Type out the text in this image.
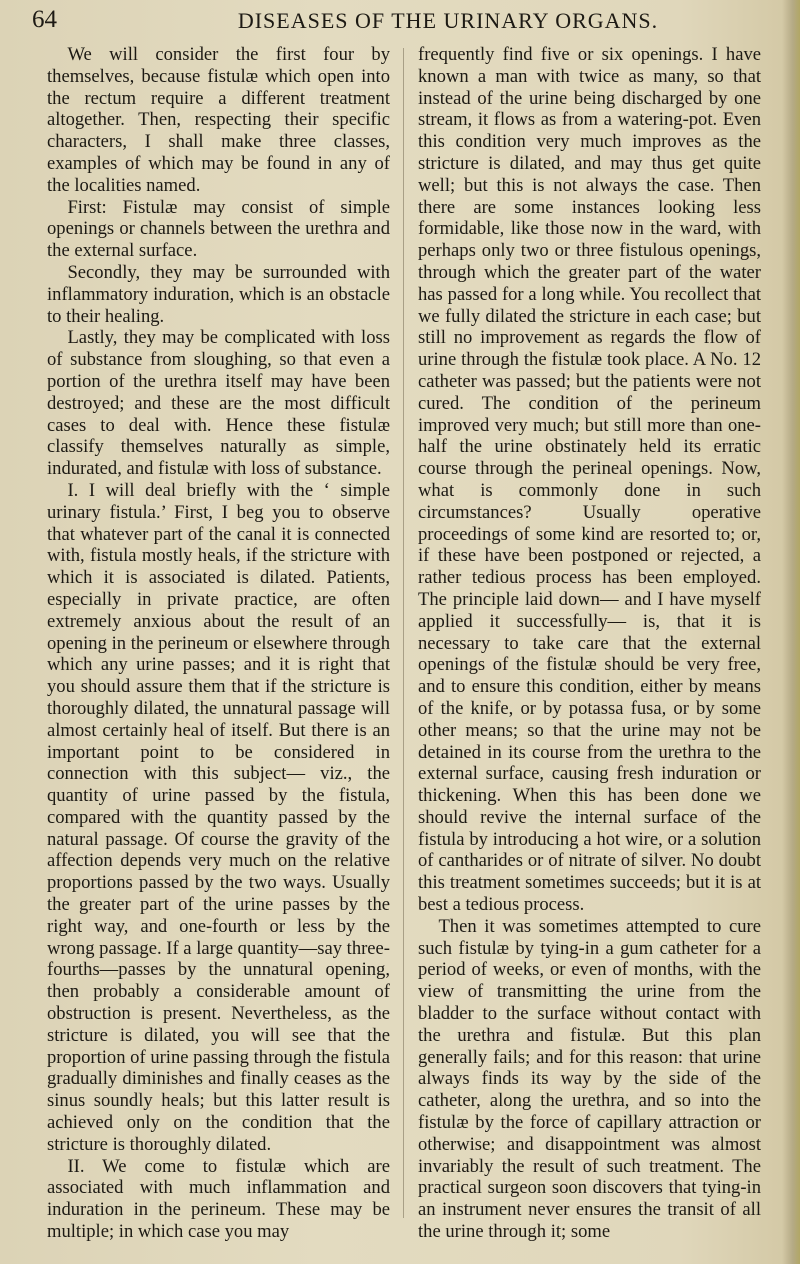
64	DISEASES OF THE URINARY ORGANS.

We will consider the first four by themselves, because fistulæ which open into the rectum require a different treatment altogether. Then, respecting their specific characters, I shall make three classes, examples of which may be found in any of the localities named.

First: Fistulæ may consist of simple openings or channels between the urethra and the external surface.

Secondly, they may be surrounded with inflammatory induration, which is an obstacle to their healing.

Lastly, they may be complicated with loss of substance from sloughing, so that even a portion of the urethra itself may have been destroyed; and these are the most difficult cases to deal with. Hence these fistulæ classify themselves naturally as simple, indurated, and fistulæ with loss of substance.

I. I will deal briefly with the ‘ simple urinary fistula.’ First, I beg you to observe that whatever part of the canal it is connected with, fistula mostly heals, if the stricture with which it is associated is dilated. Patients, especially in private practice, are often extremely anxious about the result of an opening in the perineum or elsewhere through which any urine passes; and it is right that you should assure them that if the stricture is thoroughly dilated, the unnatural passage will almost certainly heal of itself. But there is an important point to be considered in connection with this subject— viz., the quantity of urine passed by the fistula, compared with the quantity passed by the natural passage. Of course the gravity of the affection depends very much on the relative proportions passed by the two ways. Usually the greater part of the urine passes by the right way, and one-fourth or less by the wrong passage. If a large quantity—say three-fourths—passes by the unnatural opening, then probably a considerable amount of obstruction is present. Nevertheless, as the stricture is dilated, you will see that the proportion of urine passing through the fistula gradually diminishes and finally ceases as the sinus soundly heals; but this latter result is achieved only on the condition that the stricture is thoroughly dilated.

II. We come to fistulæ which are associated with much inflammation and induration in the perineum. These may be multiple; in which case you may

frequently find five or six openings. I have known a man with twice as many, so that instead of the urine being discharged by one stream, it flows as from a watering-pot. Even this condition very much improves as the stricture is dilated, and may thus get quite well; but this is not always the case. Then there are some instances looking less formidable, like those now in the ward, with perhaps only two or three fistulous openings, through which the greater part of the water has passed for a long while. You recollect that we fully dilated the stricture in each case; but still no improvement as regards the flow of urine through the fistulæ took place. A No. 12 catheter was passed; but the patients were not cured. The condition of the perineum improved very much; but still more than one-half the urine obstinately held its erratic course through the perineal openings. Now, what is commonly done in such circumstances? Usually operative proceedings of some kind are resorted to; or, if these have been postponed or rejected, a rather tedious process has been employed. The principle laid down— and I have myself applied it successfully— is, that it is necessary to take care that the external openings of the fistulæ should be very free, and to ensure this condition, either by means of the knife, or by potassa fusa, or by some other means; so that the urine may not be detained in its course from the urethra to the external surface, causing fresh induration or thickening. When this has been done we should revive the internal surface of the fistula by introducing a hot wire, or a solution of cantharides or of nitrate of silver. No doubt this treatment sometimes succeeds; but it is at best a tedious process.

Then it was sometimes attempted to cure such fistulæ by tying-in a gum catheter for a period of weeks, or even of months, with the view of transmitting the urine from the bladder to the surface without contact with the urethra and fistulæ. But this plan generally fails; and for this reason: that urine always finds its way by the side of the catheter, along the urethra, and so into the fistulæ by the force of capillary attraction or otherwise; and disappointment was almost invariably the result of such treatment. The practical surgeon soon discovers that tying-in an instrument never ensures the transit of all the urine through it; some
